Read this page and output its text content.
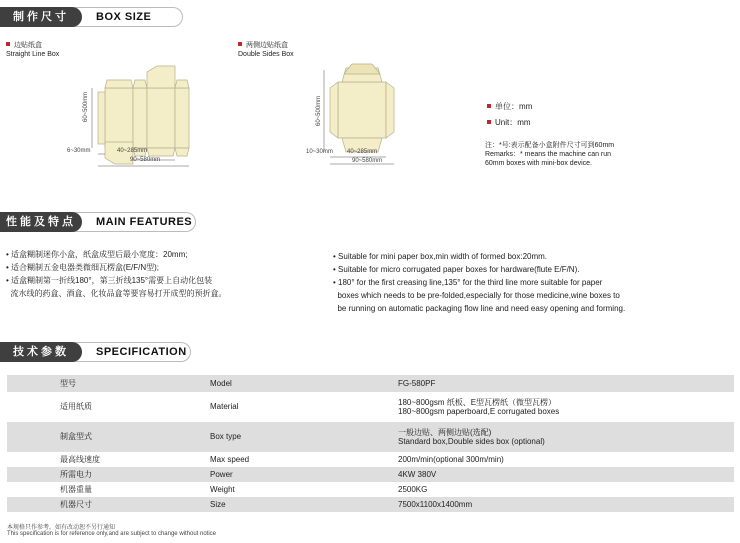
制作尺寸	BOX SIZE
边贴纸盒
Straight Line Box
60~500mm
6~30mm	40~285mm
90~580mm
两侧边贴纸盒
Double Sides Box
60~500mm
10~30mm 40~285mm
90~580mm
单位：mm
Unit：mm
注：*号:表示配备小盒附件尺寸可到60mm
Remarks：* means the machine can run
60mm boxes with mini-box device.
性能及特点	MAIN FEATURES

• 适盒糊制迷你小盒，纸盒成型后最小宽度：20mm;

• 适合糊制五金电器类微细瓦楞盒(E/F/N型);

• 适盒糊制第一折线180°，第三折线135°需要上自动化包装

流水线的药盒、酒盒、化妆品盒等要容易打开成型的预折盒。

• Suitable for mini paper box,min width of formed box:20mm.

• Suitable for micro corrugated paper boxes for hardware(flute E/F/N).

• 180° for the first creasing line,135° for the third line more suitable for paper

boxes which needs to be pre-folded,especially for those medicine,wine boxes to

be running on automatic packaging flow line and need easy opening and forming.

技术参数	SPECIFICATION
	型号	Model	FG-580PF
	适用纸质	Material	180~800gsm 纸板、E型瓦楞纸（微型瓦楞）
180~800gsm paperboard,E corrugated boxes

	制盒型式	Box type	一般边贴、两侧边贴(选配)
Standard box,Double sides box (optional)

	最高线速度	Max speed	200m/min(optional 300m/min)
	所需电力	Power	4KW 380V
	机器重量	Weight	2500KG
	机器尺寸	Size	7500x1100x1400mm
本规格只作参考，如有改动恕不另行通知
This specification is for reference only,and are subject to change without notice
